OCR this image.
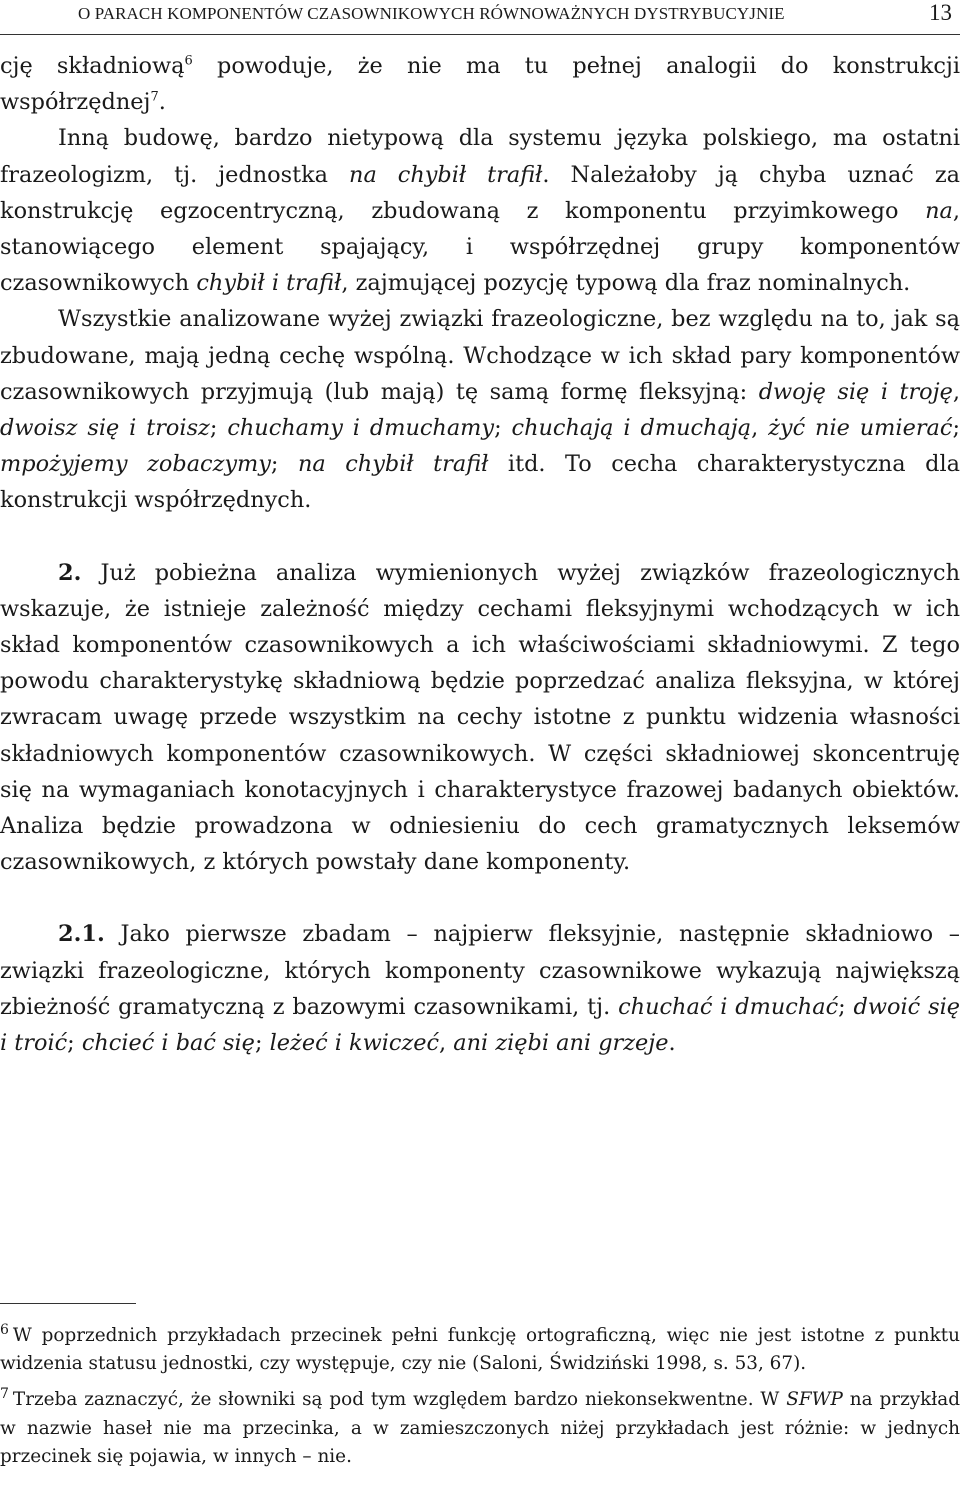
O PARACH KOMPONENTÓW CZASOWNIKOWYCH RÓWNOWAŻNYCH DYSTRYBUCYJNIE	13

cję składniową$^6$ powoduje, że nie ma tu pełnej analogii do konstrukcji współrzędnej$^7$.

Inną budowę, bardzo nietypową dla systemu języka polskiego, ma ostatni frazeologizm, tj. jednostka na chybił trafił. Należałoby ją chyba uznać za konstrukcję egzocentryczną, zbudowaną z komponentu przyimkowego na, stanowiącego element spajający, i współrzędnej grupy komponentów czasownikowych chybił i trafił, zajmującej pozycję typową dla fraz nominalnych.

Wszystkie analizowane wyżej związki frazeologiczne, bez względu na to, jak są zbudowane, mają jedną cechę wspólną. Wchodzące w ich skład pary komponentów czasownikowych przyjmują (lub mają) tę samą formę fleksyjną: dwoję się i troję, dwoisz się i troisz; chuchamy i dmuchamy; chuchają i dmuchają, żyć nie umierać; mpożyjemy zobaczymy; na chybił trafił itd. To cecha charakterystyczna dla konstrukcji współrzędnych.

2. Już pobieżna analiza wymienionych wyżej związków frazeologicznych wskazuje, że istnieje zależność między cechami fleksyjnymi wchodzących w ich skład komponentów czasownikowych a ich właściwościami składniowymi. Z tego powodu charakterystykę składniową będzie poprzedzać analiza fleksyjna, w której zwracam uwagę przede wszystkim na cechy istotne z punktu widzenia własności składniowych komponentów czasownikowych. W części składniowej skoncentruję się na wymaganiach konotacyjnych i charakterystyce frazowej badanych obiektów. Analiza będzie prowadzona w odniesieniu do cech gramatycznych leksemów czasownikowych, z których powstały dane komponenty.

2.1. Jako pierwsze zbadam – najpierw fleksyjnie, następnie składniowo – związki frazeologiczne, których komponenty czasownikowe wykazują największą zbieżność gramatyczną z bazowymi czasownikami, tj. chuchać i dmuchać; dwoić się i troić; chcieć i bać się; leżeć i kwiczeć, ani ziębi ani grzeje.

$^6$ W poprzednich przykładach przecinek pełni funkcję ortograficzną, więc nie jest istotne z punktu widzenia statusu jednostki, czy występuje, czy nie (Saloni, Świdziński 1998, s. 53, 67).

$^7$ Trzeba zaznaczyć, że słowniki są pod tym względem bardzo niekonsekwentne. W SFWP na przykład w nazwie haseł nie ma przecinka, a w zamieszczonych niżej przykładach jest różnie: w jednych przecinek się pojawia, w innych – nie.
